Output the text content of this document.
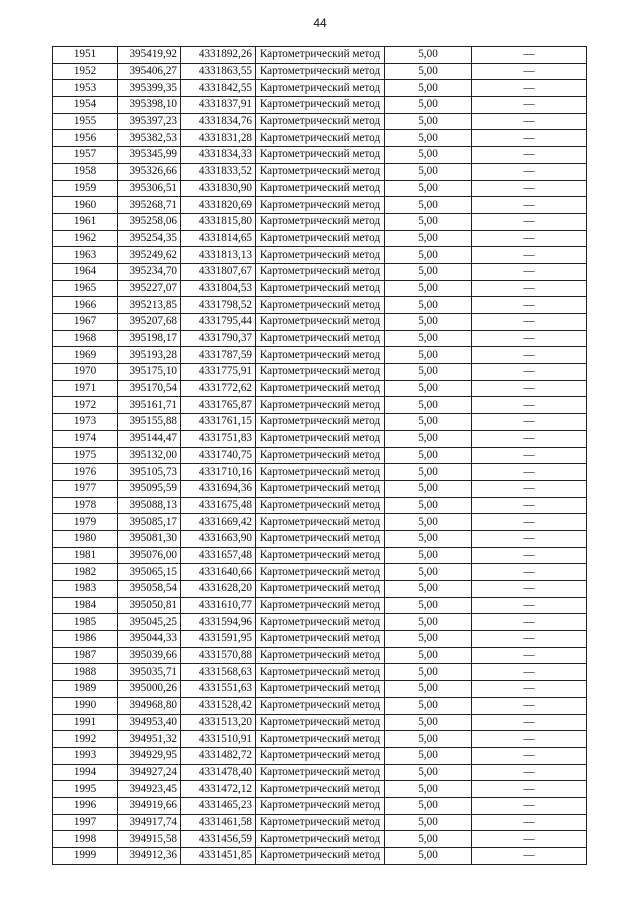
44
1951	395419,92	4331892,26	Картометрический метод	5,00	—
1952	395406,27	4331863,55	Картометрический метод	5,00	—
1953	395399,35	4331842,55	Картометрический метод	5,00	—
1954	395398,10	4331837,91	Картометрический метод	5,00	—
1955	395397,23	4331834,76	Картометрический метод	5,00	—
1956	395382,53	4331831,28	Картометрический метод	5,00	—
1957	395345,99	4331834,33	Картометрический метод	5,00	—
1958	395326,66	4331833,52	Картометрический метод	5,00	—
1959	395306,51	4331830,90	Картометрический метод	5,00	—
1960	395268,71	4331820,69	Картометрический метод	5,00	—
1961	395258,06	4331815,80	Картометрический метод	5,00	—
1962	395254,35	4331814,65	Картометрический метод	5,00	—
1963	395249,62	4331813,13	Картометрический метод	5,00	—
1964	395234,70	4331807,67	Картометрический метод	5,00	—
1965	395227,07	4331804,53	Картометрический метод	5,00	—
1966	395213,85	4331798,52	Картометрический метод	5,00	—
1967	395207,68	4331795,44	Картометрический метод	5,00	—
1968	395198,17	4331790,37	Картометрический метод	5,00	—
1969	395193,28	4331787,59	Картометрический метод	5,00	—
1970	395175,10	4331775,91	Картометрический метод	5,00	—
1971	395170,54	4331772,62	Картометрический метод	5,00	—
1972	395161,71	4331765,87	Картометрический метод	5,00	—
1973	395155,88	4331761,15	Картометрический метод	5,00	—
1974	395144,47	4331751,83	Картометрический метод	5,00	—
1975	395132,00	4331740,75	Картометрический метод	5,00	—
1976	395105,73	4331710,16	Картометрический метод	5,00	—
1977	395095,59	4331694,36	Картометрический метод	5,00	—
1978	395088,13	4331675,48	Картометрический метод	5,00	—
1979	395085,17	4331669,42	Картометрический метод	5,00	—
1980	395081,30	4331663,90	Картометрический метод	5,00	—
1981	395076,00	4331657,48	Картометрический метод	5,00	—
1982	395065,15	4331640,66	Картометрический метод	5,00	—
1983	395058,54	4331628,20	Картометрический метод	5,00	—
1984	395050,81	4331610,77	Картометрический метод	5,00	—
1985	395045,25	4331594,96	Картометрический метод	5,00	—
1986	395044,33	4331591,95	Картометрический метод	5,00	—
1987	395039,66	4331570,88	Картометрический метод	5,00	—
1988	395035,71	4331568,63	Картометрический метод	5,00	—
1989	395000,26	4331551,63	Картометрический метод	5,00	—
1990	394968,80	4331528,42	Картометрический метод	5,00	—
1991	394953,40	4331513,20	Картометрический метод	5,00	—
1992	394951,32	4331510,91	Картометрический метод	5,00	—
1993	394929,95	4331482,72	Картометрический метод	5,00	—
1994	394927,24	4331478,40	Картометрический метод	5,00	—
1995	394923,45	4331472,12	Картометрический метод	5,00	—
1996	394919,66	4331465,23	Картометрический метод	5,00	—
1997	394917,74	4331461,58	Картометрический метод	5,00	—
1998	394915,58	4331456,59	Картометрический метод	5,00	—
1999	394912,36	4331451,85	Картометрический метод	5,00	—
